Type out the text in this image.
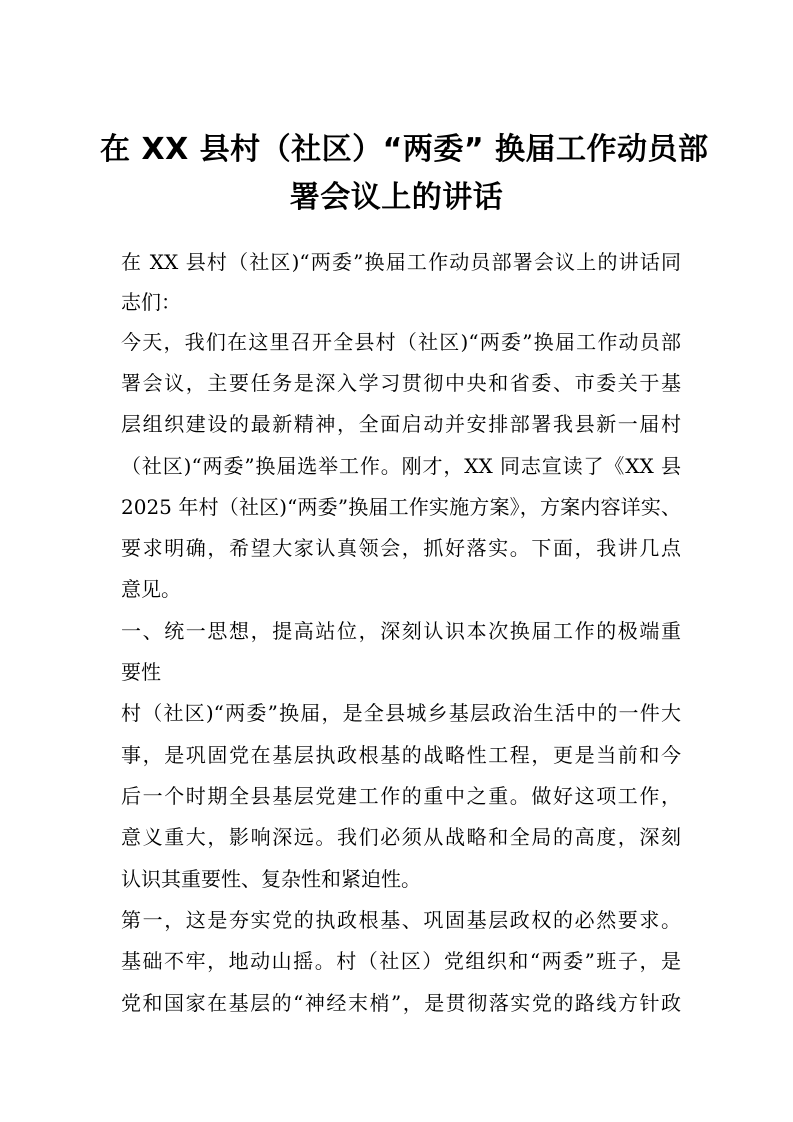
在 XX 县村（社区）“两委” 换届工作动员部
署会议上的讲话
在 XX 县村（社区)“两委”换届工作动员部署会议上的讲话同
志们：
今天，我们在这里召开全县村（社区)“两委”换届工作动员部
署会议，主要任务是深入学习贯彻中央和省委、市委关于基
层组织建设的最新精神，全面启动并安排部署我县新一届村
（社区)“两委”换届选举工作。刚才，XX 同志宣读了《XX 县
2025 年村（社区)“两委”换届工作实施方案》，方案内容详实、
要求明确，希望大家认真领会，抓好落实。下面，我讲几点
意见。
一、统一思想，提高站位，深刻认识本次换届工作的极端重
要性
村（社区)“两委”换届，是全县城乡基层政治生活中的一件大
事，是巩固党在基层执政根基的战略性工程，更是当前和今
后一个时期全县基层党建工作的重中之重。做好这项工作，
意义重大，影响深远。我们必须从战略和全局的高度，深刻
认识其重要性、复杂性和紧迫性。
第一，这是夯实党的执政根基、巩固基层政权的必然要求。
基础不牢，地动山摇。村（社区）党组织和“两委”班子，是
党和国家在基层的“神经末梢”，是贯彻落实党的路线方针政
